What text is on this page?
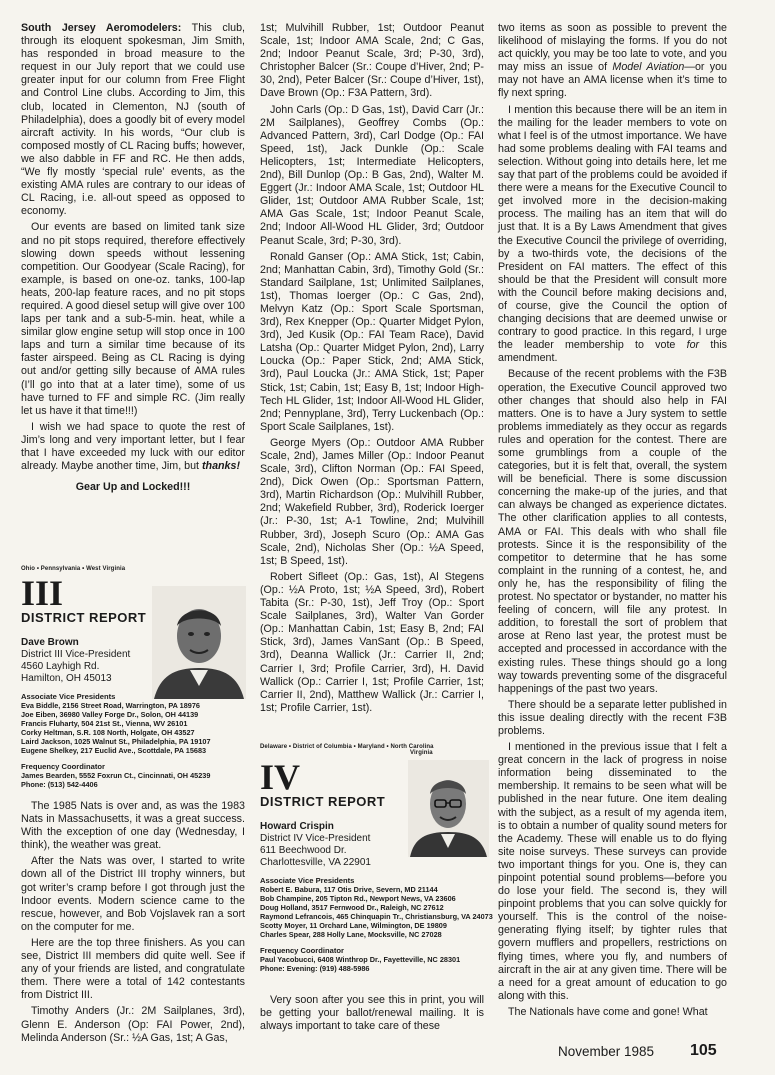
South Jersey Aeromodelers: This club, through its eloquent spokesman, Jim Smith, has responded in broad measure to the request in our July report that we could use greater input for our column from Free Flight and Control Line clubs. According to Jim, this club, located in Clementon, NJ (south of Philadelphia), does a goodly bit of every model aircraft activity. In his words, “Our club is composed mostly of CL Racing buffs; however, we also dabble in FF and RC. He then adds, “We fly mostly ‘special rule’ events, as the existing AMA rules are contrary to our ideas of CL Racing, i.e. all-out speed as opposed to economy.

Our events are based on limited tank size and no pit stops required, therefore effectively slowing down speeds without lessening competition. Our Goodyear (Scale Racing), for example, is based on one-oz. tanks, 100-lap heats, 200-lap feature races, and no pit stops required. A good diesel setup will give over 100 laps per tank and a sub-5-min. heat, while a similar glow engine setup will stop once in 100 laps and turn a similar time because of its faster airspeed. Being as CL Racing is dying out and/or getting silly because of AMA rules (I’ll go into that at a later time), some of us have turned to FF and simple RC. (Jim really let us have it that time!!!)

I wish we had space to quote the rest of Jim’s long and very important letter, but I fear that I have exceeded my luck with our editor already. Maybe another time, Jim, but thanks!

Gear Up and Locked!!!

Ohio • Pennsylvania • West Virginia
III
DISTRICT REPORT
Dave Brown
District III Vice-President
4560 Layhigh Rd.
Hamilton, OH 45013
Associate Vice Presidents
Eva Biddle, 2156 Street Road, Warrington, PA 18976
Joe Eiben, 36980 Valley Forge Dr., Solon, OH 44139
Francis Fluharty, 504 21st St., Vienna, WV 26101
Corky Heltman, S.R. 108 North, Holgate, OH 43527
Laird Jackson, 1025 Walnut St., Philadelphia, PA 19107
Eugene Shelkey, 217 Euclid Ave., Scottdale, PA 15683
Frequency Coordinator
James Bearden, 5552 Foxrun Ct., Cincinnati, OH 45239
Phone: (513) 542-4406

The 1985 Nats is over and, as was the 1983 Nats in Massachusetts, it was a great success. With the exception of one day (Wednesday, I think), the weather was great.

After the Nats was over, I started to write down all of the District III trophy winners, but got writer’s cramp before I got through just the Indoor events. Modern science came to the rescue, however, and Bob Vojslavek ran a sort on the computer for me.

Here are the top three finishers. As you can see, District III members did quite well. See if any of your friends are listed, and congratulate them. There were a total of 142 contestants from District III.

Timothy Anders (Jr.: 2M Sailplanes, 3rd), Glenn E. Anderson (Op: FAI Power, 2nd), Melinda Anderson (Sr.: ½A Gas, 1st; A Gas,

1st; Mulvihill Rubber, 1st; Outdoor Peanut Scale, 1st; Indoor AMA Scale, 2nd; C Gas, 2nd; Indoor Peanut Scale, 3rd; P-30, 3rd), Christopher Balcer (Sr.: Coupe d’Hiver, 2nd; P-30, 2nd), Peter Balcer (Sr.: Coupe d’Hiver, 1st), Dave Brown (Op.: F3A Pattern, 3rd).

John Carls (Op.: D Gas, 1st), David Carr (Jr.: 2M Sailplanes), Geoffrey Combs (Op.: Advanced Pattern, 3rd), Carl Dodge (Op.: FAI Speed, 1st), Jack Dunkle (Op.: Scale Helicopters, 1st; Intermediate Helicopters, 2nd), Bill Dunlop (Op.: B Gas, 2nd), Walter M. Eggert (Jr.: Indoor AMA Scale, 1st; Outdoor HL Glider, 1st; Outdoor AMA Rubber Scale, 1st; AMA Gas Scale, 1st; Indoor Peanut Scale, 2nd; Indoor All-Wood HL Glider, 3rd; Outdoor Peanut Scale, 3rd; P-30, 3rd).

Ronald Ganser (Op.: AMA Stick, 1st; Cabin, 2nd; Manhattan Cabin, 3rd), Timothy Gold (Sr.: Standard Sailplane, 1st; Unlimited Sailplanes, 1st), Thomas Ioerger (Op.: C Gas, 2nd), Melvyn Katz (Op.: Sport Scale Sportsman, 3rd), Rex Knepper (Op.: Quarter Midget Pylon, 3rd), Jed Kusik (Op.: FAI Team Race), David Latsha (Op.: Quarter Midget Pylon, 2nd), Larry Loucka (Op.: Paper Stick, 2nd; AMA Stick, 3rd), Paul Loucka (Jr.: AMA Stick, 1st; Paper Stick, 1st; Cabin, 1st; Easy B, 1st; Indoor High-Tech HL Glider, 1st; Indoor All-Wood HL Glider, 2nd; Pennyplane, 3rd), Terry Luckenbach (Op.: Sport Scale Sailplanes, 1st).

George Myers (Op.: Outdoor AMA Rubber Scale, 2nd), James Miller (Op.: Indoor Peanut Scale, 3rd), Clifton Norman (Op.: FAI Speed, 2nd), Dick Owen (Op.: Sportsman Pattern, 3rd), Martin Richardson (Op.: Mulvihill Rubber, 2nd; Wakefield Rubber, 3rd), Roderick Ioerger (Jr.: P-30, 1st; A-1 Towline, 2nd; Mulvihill Rubber, 3rd), Joseph Scuro (Op.: AMA Gas Scale, 2nd), Nicholas Sher (Op.: ½A Speed, 1st; B Speed, 1st).

Robert Sifleet (Op.: Gas, 1st), Al Stegens (Op.: ½A Proto, 1st; ½A Speed, 3rd), Robert Tabita (Sr.: P-30, 1st), Jeff Troy (Op.: Sport Scale Sailplanes, 3rd), Walter Van Gorder (Op.: Manhattan Cabin, 1st; Easy B, 2nd; FAI Stick, 3rd), James VanSant (Op.: B Speed, 3rd), Deanna Wallick (Jr.: Carrier II, 2nd; Carrier I, 3rd; Profile Carrier, 3rd), H. David Wallick (Op.: Carrier I, 1st; Profile Carrier, 1st; Carrier II, 2nd), Matthew Wallick (Jr.: Carrier I, 1st; Profile Carrier, 1st).

Delaware • District of Columbia • Maryland • North Carolina
Virginia
IV
DISTRICT REPORT
Howard Crispin
District IV Vice-President
611 Beechwood Dr.
Charlottesville, VA 22901
Associate Vice Presidents
Robert E. Babura, 117 Otis Drive, Severn, MD 21144
Bob Champine, 205 Tipton Rd., Newport News, VA 23606
Doug Holland, 3517 Fernwood Dr., Raleigh, NC 27612
Raymond Lefrancois, 465 Chinquapin Tr., Christiansburg, VA 24073
Scotty Moyer, 11 Orchard Lane, Wilmington, DE 19809
Charles Spear, 288 Holly Lane, Mocksville, NC 27028
Frequency Coordinator
Paul Yacobucci, 6408 Winthrop Dr., Fayetteville, NC 28301
Phone: Evening: (919) 488-5986

Very soon after you see this in print, you will be getting your ballot/renewal mailing. It is always important to take care of these

two items as soon as possible to prevent the likelihood of mislaying the forms. If you do not act quickly, you may be too late to vote, and you may miss an issue of Model Aviation—or you may not have an AMA license when it’s time to fly next spring.

I mention this because there will be an item in the mailing for the leader members to vote on what I feel is of the utmost importance. We have had some problems dealing with FAI teams and selection. Without going into details here, let me say that part of the problems could be avoided if there were a means for the Executive Council to get involved more in the decision-making process. The mailing has an item that will do just that. It is a By Laws Amendment that gives the Executive Council the privilege of overriding, by a two-thirds vote, the decisions of the President on FAI matters. The effect of this should be that the President will consult more with the Council before making decisions and, of course, give the Council the option of changing decisions that are deemed unwise or contrary to good practice. In this regard, I urge the leader membership to vote for this amendment.

Because of the recent problems with the F3B operation, the Executive Council approved two other changes that should also help in FAI matters. One is to have a Jury system to settle problems immediately as they occur as regards rules and operation for the contest. There are some grumblings from a couple of the categories, but it is felt that, overall, the system will be beneficial. There is some discussion concerning the make-up of the juries, and that can always be changed as experience dictates. The other clarification applies to all contests, AMA or FAI. This deals with who shall file protests. Since it is the responsibility of the competitor to determine that he has some complaint in the running of a contest, he, and only he, has the responsibility of filing the protest. No spectator or bystander, no matter his feeling of concern, will file any protest. In addition, to forestall the sort of problem that arose at Reno last year, the protest must be accepted and processed in accordance with the existing rules. These things should go a long way towards preventing some of the disgraceful happenings of the past two years.

There should be a separate letter published in this issue dealing directly with the recent F3B problems.

I mentioned in the previous issue that I felt a great concern in the lack of progress in noise information being disseminated to the membership. It remains to be seen what will be published in the near future. One item dealing with the subject, as a result of my agenda item, is to obtain a number of quality sound meters for the Academy. These will enable us to do flying site noise surveys. These surveys can provide two important things for you. One is, they can pinpoint potential sound problems—before you do lose your field. The second is, they will pinpoint problems that you can solve quickly for yourself. This is the control of the noise-generating flying itself; by tighter rules that govern mufflers and propellers, restrictions on flying times, where you fly, and numbers of aircraft in the air at any given time. There will be a need for a great amount of education to go along with this.

The Nationals have come and gone! What

November 1985 105
